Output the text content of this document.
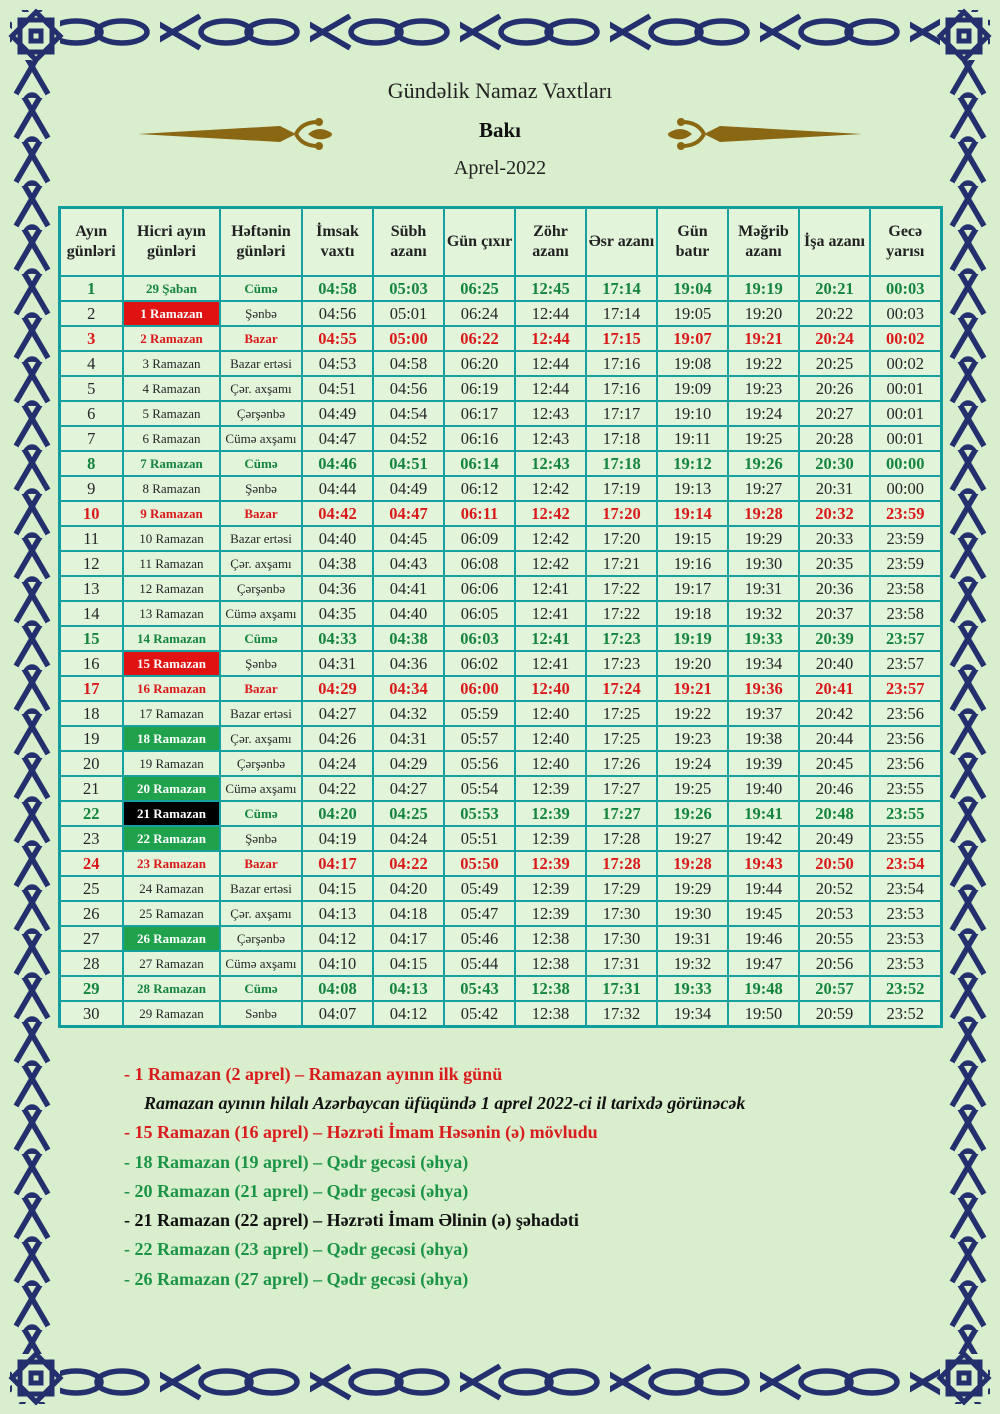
Gündəlik Namaz Vaxtları
Bakı
Aprel-2022
Ayın günləri	Hicri ayın günləri	Həftənin günləri	İmsak vaxtı	Sübh azanı	Gün çıxır	Zöhr azanı	Əsr azanı	Gün batır	Məğrib azanı	İşa azanı	Gecə yarısı
1	29 Şaban	Cümə	04:58	05:03	06:25	12:45	17:14	19:04	19:19	20:21	00:03
2	1 Ramazan	Şənbə	04:56	05:01	06:24	12:44	17:14	19:05	19:20	20:22	00:03
3	2 Ramazan	Bazar	04:55	05:00	06:22	12:44	17:15	19:07	19:21	20:24	00:02
4	3 Ramazan	Bazar ertəsi	04:53	04:58	06:20	12:44	17:16	19:08	19:22	20:25	00:02
5	4 Ramazan	Çər. axşamı	04:51	04:56	06:19	12:44	17:16	19:09	19:23	20:26	00:01
6	5 Ramazan	Çərşənbə	04:49	04:54	06:17	12:43	17:17	19:10	19:24	20:27	00:01
7	6 Ramazan	Cümə axşamı	04:47	04:52	06:16	12:43	17:18	19:11	19:25	20:28	00:01
8	7 Ramazan	Cümə	04:46	04:51	06:14	12:43	17:18	19:12	19:26	20:30	00:00
9	8 Ramazan	Şənbə	04:44	04:49	06:12	12:42	17:19	19:13	19:27	20:31	00:00
10	9 Ramazan	Bazar	04:42	04:47	06:11	12:42	17:20	19:14	19:28	20:32	23:59
11	10 Ramazan	Bazar ertəsi	04:40	04:45	06:09	12:42	17:20	19:15	19:29	20:33	23:59
12	11 Ramazan	Çər. axşamı	04:38	04:43	06:08	12:42	17:21	19:16	19:30	20:35	23:59
13	12 Ramazan	Çərşənbə	04:36	04:41	06:06	12:41	17:22	19:17	19:31	20:36	23:58
14	13 Ramazan	Cümə axşamı	04:35	04:40	06:05	12:41	17:22	19:18	19:32	20:37	23:58
15	14 Ramazan	Cümə	04:33	04:38	06:03	12:41	17:23	19:19	19:33	20:39	23:57
16	15 Ramazan	Şənbə	04:31	04:36	06:02	12:41	17:23	19:20	19:34	20:40	23:57
17	16 Ramazan	Bazar	04:29	04:34	06:00	12:40	17:24	19:21	19:36	20:41	23:57
18	17 Ramazan	Bazar ertəsi	04:27	04:32	05:59	12:40	17:25	19:22	19:37	20:42	23:56
19	18 Ramazan	Çər. axşamı	04:26	04:31	05:57	12:40	17:25	19:23	19:38	20:44	23:56
20	19 Ramazan	Çərşənbə	04:24	04:29	05:56	12:40	17:26	19:24	19:39	20:45	23:56
21	20 Ramazan	Cümə axşamı	04:22	04:27	05:54	12:39	17:27	19:25	19:40	20:46	23:55
22	21 Ramazan	Cümə	04:20	04:25	05:53	12:39	17:27	19:26	19:41	20:48	23:55
23	22 Ramazan	Şənbə	04:19	04:24	05:51	12:39	17:28	19:27	19:42	20:49	23:55
24	23 Ramazan	Bazar	04:17	04:22	05:50	12:39	17:28	19:28	19:43	20:50	23:54
25	24 Ramazan	Bazar ertəsi	04:15	04:20	05:49	12:39	17:29	19:29	19:44	20:52	23:54
26	25 Ramazan	Çər. axşamı	04:13	04:18	05:47	12:39	17:30	19:30	19:45	20:53	23:53
27	26 Ramazan	Çərşənbə	04:12	04:17	05:46	12:38	17:30	19:31	19:46	20:55	23:53
28	27 Ramazan	Cümə axşamı	04:10	04:15	05:44	12:38	17:31	19:32	19:47	20:56	23:53
29	28 Ramazan	Cümə	04:08	04:13	05:43	12:38	17:31	19:33	19:48	20:57	23:52
30	29 Ramazan	Sənbə	04:07	04:12	05:42	12:38	17:32	19:34	19:50	20:59	23:52

- 1 Ramazan (2 aprel) – Ramazan ayının ilk günü

Ramazan ayının hilalı Azərbaycan üfüqündə 1 aprel 2022-ci il tarixdə görünəcək

- 15 Ramazan (16 aprel) – Həzrəti İmam Həsənin (ə) mövludu

- 18 Ramazan (19 aprel) – Qədr gecəsi (əhya)

- 20 Ramazan (21 aprel) – Qədr gecəsi (əhya)

- 21 Ramazan (22 aprel) – Həzrəti İmam Əlinin (ə) şəhadəti

- 22 Ramazan (23 aprel) – Qədr gecəsi (əhya)

- 26 Ramazan (27 aprel) – Qədr gecəsi (əhya)
